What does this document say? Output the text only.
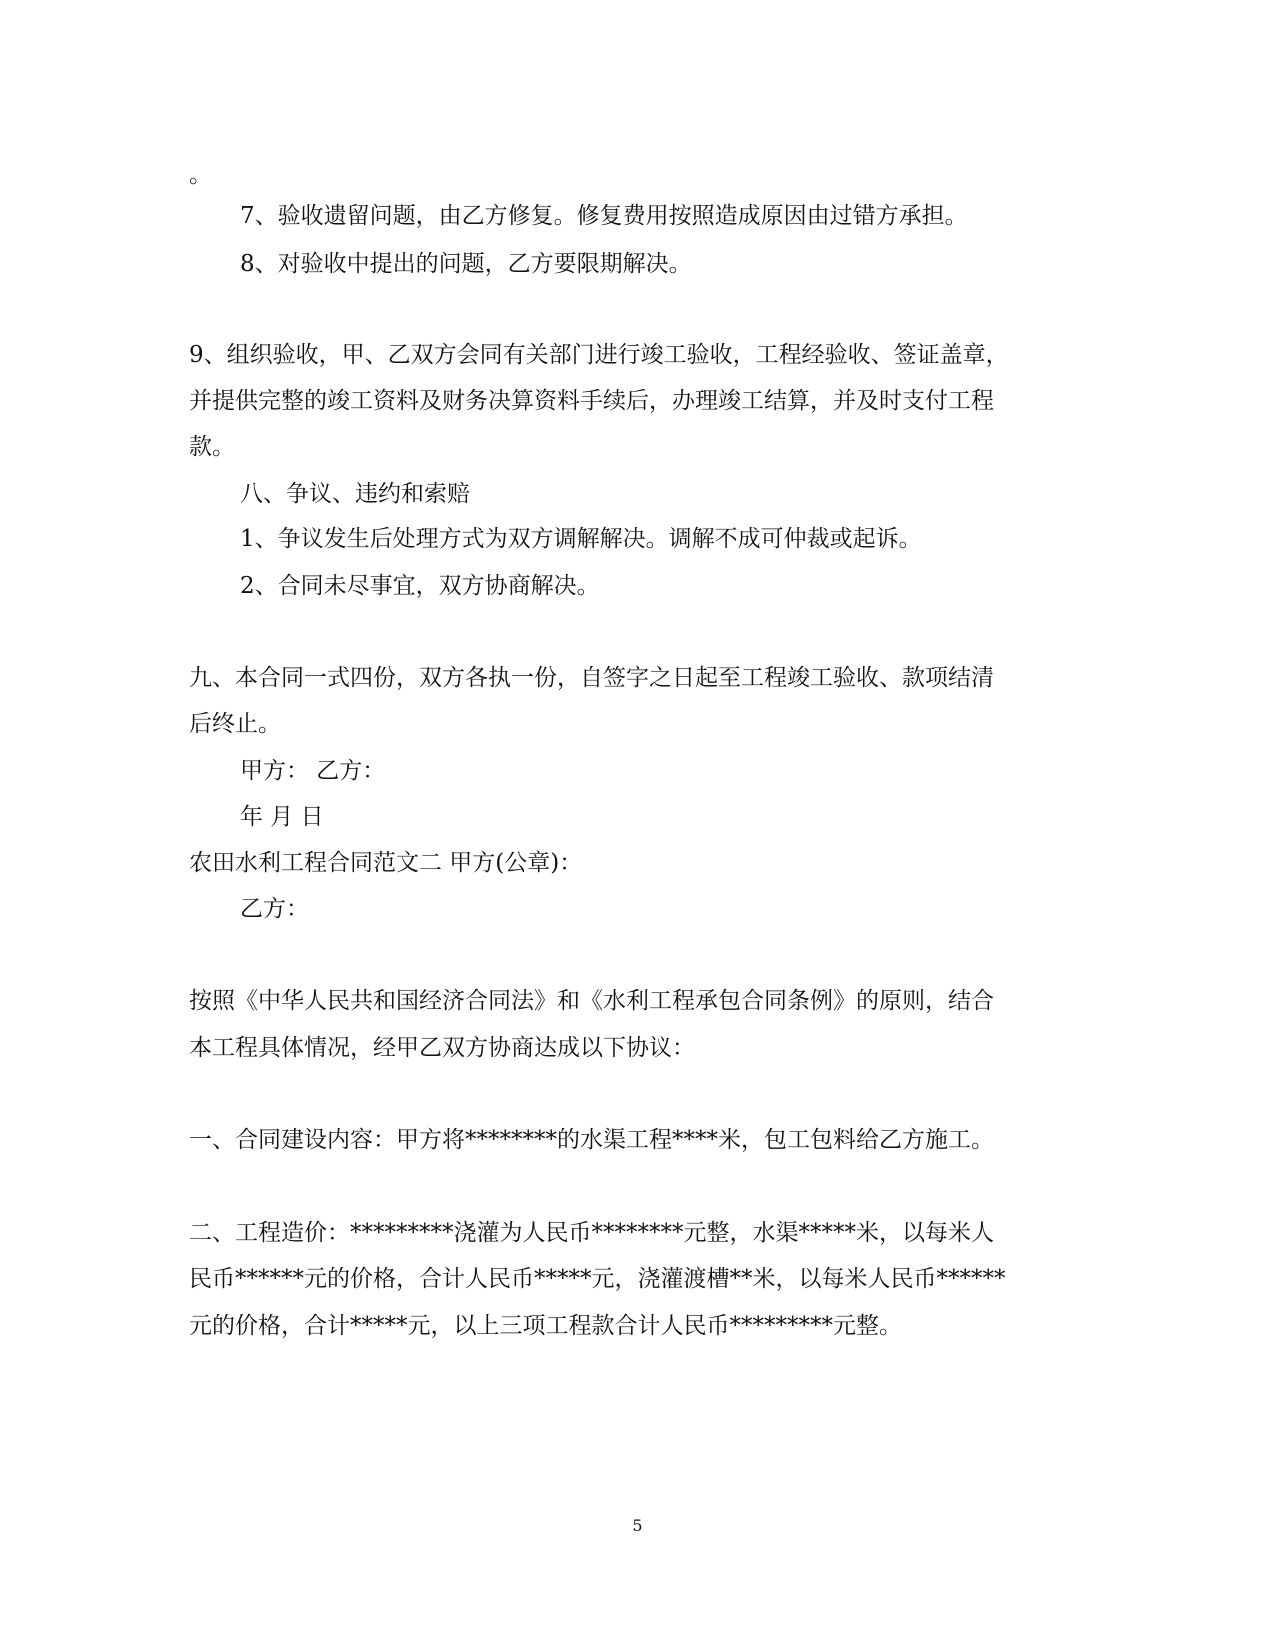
。

7、验收遗留问题，由乙方修复。修复费用按照造成原因由过错方承担。

8、对验收中提出的问题，乙方要限期解决。

9、组织验收，甲、乙双方会同有关部门进行竣工验收，工程经验收、签证盖章，

并提供完整的竣工资料及财务决算资料手续后，办理竣工结算，并及时支付工程

款。

八、争议、违约和索赔

1、争议发生后处理方式为双方调解解决。调解不成可仲裁或起诉。

2、合同未尽事宜，双方协商解决。

九、本合同一式四份，双方各执一份，自签字之日起至工程竣工验收、款项结清

后终止。

甲方： 乙方：

年 月 日

农田水利工程合同范文二 甲方(公章)：

乙方：

按照《中华人民共和国经济合同法》和《水利工程承包合同条例》的原则，结合

本工程具体情况，经甲乙双方协商达成以下协议：

一、合同建设内容：甲方将********的水渠工程****米，包工包料给乙方施工。

二、工程造价：*********浇灌为人民币********元整，水渠*****米，以每米人

民币******元的价格，合计人民币*****元，浇灌渡槽**米，以每米人民币******

元的价格，合计*****元，以上三项工程款合计人民币*********元整。

5
